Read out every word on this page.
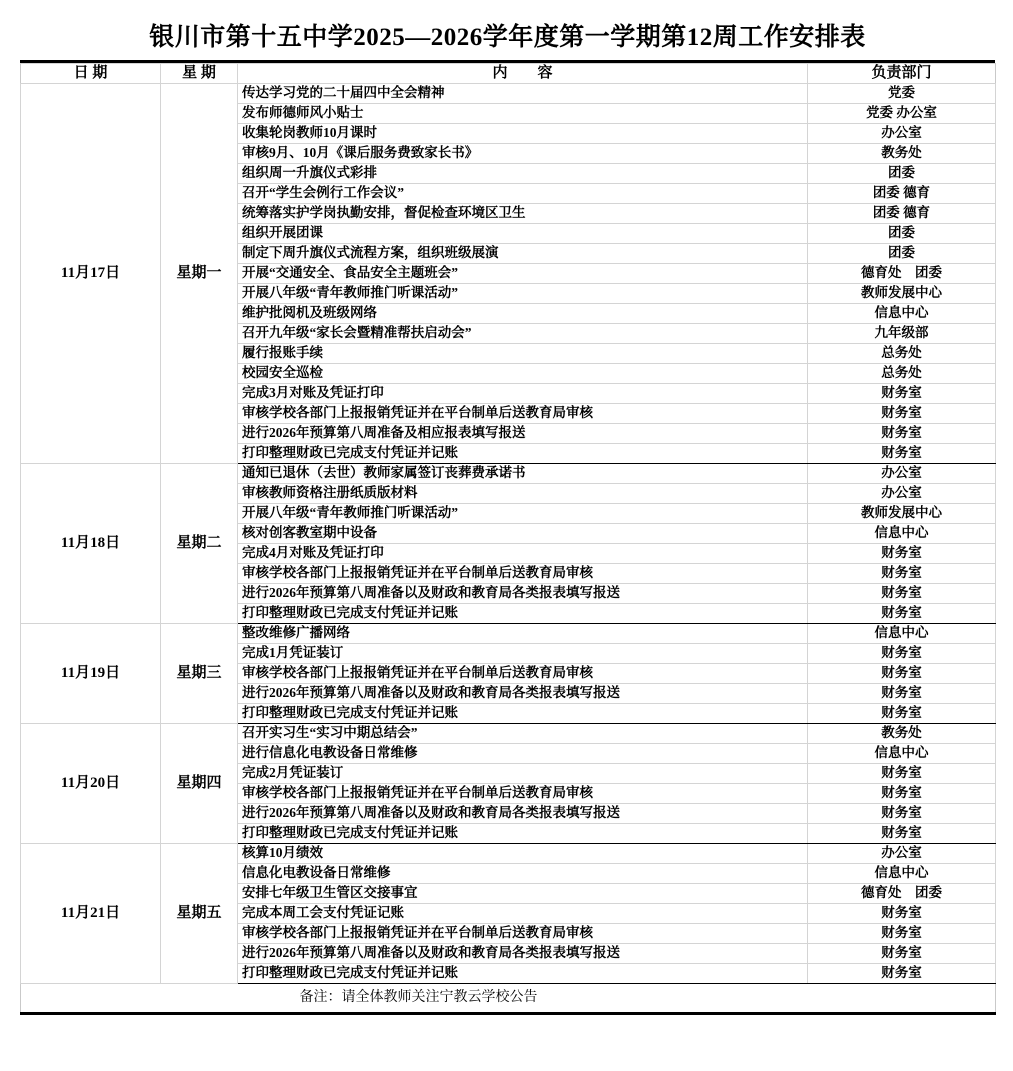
银川市第十五中学2025—2026学年度第一学期第12周工作安排表
日 期	星 期	内　　容	负责部门
11月17日	星期一	传达学习党的二十届四中全会精神	党委
		发布师德师风小贴士	党委 办公室
		收集轮岗教师10月课时	办公室
		审核9月、10月《课后服务费致家长书》	教务处
		组织周一升旗仪式彩排	团委
		召开“学生会例行工作会议”	团委 德育
		统筹落实护学岗执勤安排，督促检查环境区卫生	团委 德育
		组织开展团课	团委
		制定下周升旗仪式流程方案，组织班级展演	团委
		开展“交通安全、食品安全主题班会”	德育处　团委
		开展八年级“青年教师推门听课活动”	教师发展中心
		维护批阅机及班级网络	信息中心
		召开九年级“家长会暨精准帮扶启动会”	九年级部
		履行报账手续	总务处
		校园安全巡检	总务处
		完成3月对账及凭证打印	财务室
		审核学校各部门上报报销凭证并在平台制单后送教育局审核	财务室
		进行2026年预算第八周准备及相应报表填写报送	财务室
		打印整理财政已完成支付凭证并记账	财务室
11月18日	星期二	通知已退休（去世）教师家属签订丧葬费承诺书	办公室
		审核教师资格注册纸质版材料	办公室
		开展八年级“青年教师推门听课活动”	教师发展中心
		核对创客教室期中设备	信息中心
		完成4月对账及凭证打印	财务室
		审核学校各部门上报报销凭证并在平台制单后送教育局审核	财务室
		进行2026年预算第八周准备以及财政和教育局各类报表填写报送	财务室
		打印整理财政已完成支付凭证并记账	财务室
11月19日	星期三	整改维修广播网络	信息中心
		完成1月凭证装订	财务室
		审核学校各部门上报报销凭证并在平台制单后送教育局审核	财务室
		进行2026年预算第八周准备以及财政和教育局各类报表填写报送	财务室
		打印整理财政已完成支付凭证并记账	财务室
11月20日	星期四	召开实习生“实习中期总结会”	教务处
		进行信息化电教设备日常维修	信息中心
		完成2月凭证装订	财务室
		审核学校各部门上报报销凭证并在平台制单后送教育局审核	财务室
		进行2026年预算第八周准备以及财政和教育局各类报表填写报送	财务室
		打印整理财政已完成支付凭证并记账	财务室
11月21日	星期五	核算10月绩效	办公室
		信息化电教设备日常维修	信息中心
		安排七年级卫生管区交接事宜	德育处　团委
		完成本周工会支付凭证记账	财务室
		审核学校各部门上报报销凭证并在平台制单后送教育局审核	财务室
		进行2026年预算第八周准备以及财政和教育局各类报表填写报送	财务室
		打印整理财政已完成支付凭证并记账	财务室

备注：请全体教师关注宁教云学校公告			
